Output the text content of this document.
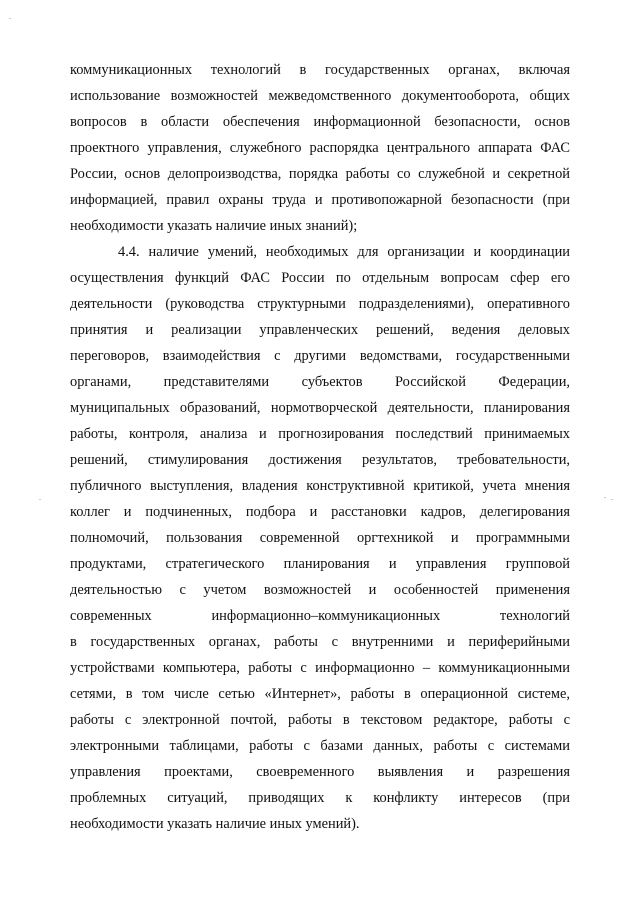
коммуникационных технологий в государственных органах, включая

использование возможностей межведомственного документооборота, общих

вопросов в области обеспечения информационной безопасности, основ

проектного управления, служебного распорядка центрального аппарата ФАС

России, основ делопроизводства, порядка работы со служебной и секретной

информацией, правил охраны труда и противопожарной безопасности (при

необходимости указать наличие иных знаний);

4.4. наличие умений, необходимых для организации и координации

осуществления функций ФАС России по отдельным вопросам сфер его

деятельности (руководства структурными подразделениями), оперативного

принятия и реализации управленческих решений, ведения деловых

переговоров, взаимодействия с другими ведомствами, государственными

органами, представителями субъектов Российской Федерации,

муниципальных образований, нормотворческой деятельности, планирования

работы, контроля, анализа и прогнозирования последствий принимаемых

решений, стимулирования достижения результатов, требовательности,

публичного выступления, владения конструктивной критикой, учета мнения

коллег и подчиненных, подбора и расстановки кадров, делегирования

полномочий, пользования современной оргтехникой и программными

продуктами, стратегического планирования и управления групповой

деятельностью с учетом возможностей и особенностей применения

современных информационно–коммуникационных технологий

в государственных органах, работы с внутренними и периферийными

устройствами компьютера, работы с информационно – коммуникационными

сетями, в том числе сетью «Интернет», работы в операционной системе,

работы с электронной почтой, работы в текстовом редакторе, работы с

электронными таблицами, работы с базами данных, работы с системами

управления проектами, своевременного выявления и разрешения

проблемных ситуаций, приводящих к конфликту интересов (при

необходимости указать наличие иных умений).
